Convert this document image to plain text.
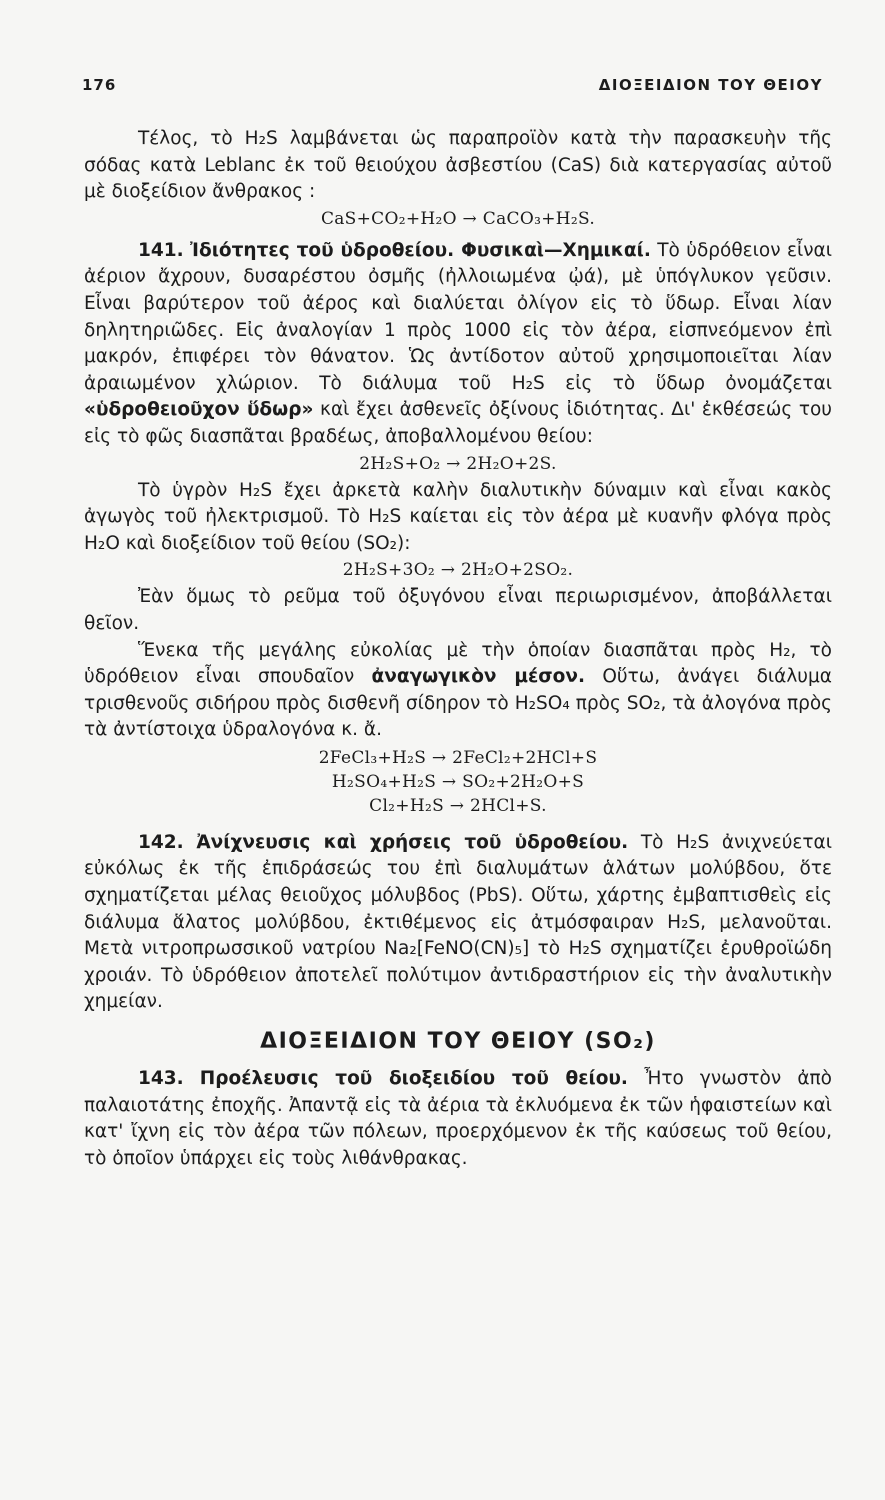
176	ΔΙΟΞΕΙΔΙΟΝ ΤΟΥ ΘΕΙΟΥ

Τέλος, τὸ H₂S λαμβάνεται ὡς παραπροϊὸν κατὰ τὴν παρασκευὴν τῆς σόδας κατὰ Leblanc ἐκ τοῦ θειούχου ἀσβεστίου (CaS) διὰ κατεργασίας αὐτοῦ μὲ διοξείδιον ἄνθρακος :

CaS+CO₂+H₂O → CaCO₃+H₂S.

141. Ἰδιότητες τοῦ ὑδροθείου. Φυσικαὶ—Χημικαί. Τὸ ὑδρόθειον εἶναι ἀέριον ἄχρουν, δυσαρέστου ὀσμῆς (ἠλλοιωμένα ᾠά), μὲ ὑπόγλυκον γεῦσιν. Εἶναι βαρύτερον τοῦ ἀέρος καὶ διαλύεται ὀλίγον εἰς τὸ ὕδωρ. Εἶναι λίαν δηλητηριῶδες. Εἰς ἀναλογίαν 1 πρὸς 1000 εἰς τὸν ἀέρα, εἰσπνεόμενον ἐπὶ μακρόν, ἐπιφέρει τὸν θάνατον. Ὡς ἀντίδοτον αὐτοῦ χρησιμοποιεῖται λίαν ἀραιωμένον χλώριον. Τὸ διάλυμα τοῦ H₂S εἰς τὸ ὕδωρ ὀνομάζεται «ὑδροθειοῦχον ὕδωρ» καὶ ἔχει ἀσθενεῖς ὀξίνους ἰδιότητας. Δι' ἐκθέσεώς του εἰς τὸ φῶς διασπᾶται βραδέως, ἀποβαλλομένου θείου:

2H₂S+O₂ → 2H₂O+2S.

Τὸ ὑγρὸν H₂S ἔχει ἀρκετὰ καλὴν διαλυτικὴν δύναμιν καὶ εἶναι κακὸς ἀγωγὸς τοῦ ἠλεκτρισμοῦ. Τὸ H₂S καίεται εἰς τὸν ἀέρα μὲ κυανῆν φλόγα πρὸς H₂O καὶ διοξείδιον τοῦ θείου (SO₂):

2H₂S+3O₂ → 2H₂O+2SO₂.

Ἐὰν ὅμως τὸ ρεῦμα τοῦ ὀξυγόνου εἶναι περιωρισμένον, ἀποβάλλεται θεῖον.

Ἕνεκα τῆς μεγάλης εὐκολίας μὲ τὴν ὁποίαν διασπᾶται πρὸς H₂, τὸ ὑδρόθειον εἶναι σπουδαῖον ἀναγωγικὸν μέσον. Οὕτω, ἀνάγει διάλυμα τρισθενοῦς σιδήρου πρὸς δισθενῆ σίδηρον τὸ H₂SO₄ πρὸς SO₂, τὰ ἀλογόνα πρὸς τὰ ἀντίστοιχα ὑδραλογόνα κ. ἄ.

2FeCl₃+H₂S → 2FeCl₂+2HCl+S

H₂SO₄+H₂S → SO₂+2H₂O+S

Cl₂+H₂S → 2HCl+S.

142. Ἀνίχνευσις καὶ χρήσεις τοῦ ὑδροθείου. Τὸ H₂S ἀνιχνεύεται εὐκόλως ἐκ τῆς ἐπιδράσεώς του ἐπὶ διαλυμάτων ἁλάτων μολύβδου, ὅτε σχηματίζεται μέλας θειοῦχος μόλυβδος (PbS). Οὕτω, χάρτης ἐμβαπτισθεὶς εἰς διάλυμα ἅλατος μολύβδου, ἐκτιθέμενος εἰς ἀτμόσφαιραν H₂S, μελανοῦται. Μετὰ νιτροπρωσσικοῦ νατρίου Na₂[FeNO(CN)₅] τὸ H₂S σχηματίζει ἐρυθροϊώδη χροιάν. Τὸ ὑδρόθειον ἀποτελεῖ πολύτιμον ἀντιδραστήριον εἰς τὴν ἀναλυτικὴν χημείαν.

ΔΙΟΞΕΙΔΙΟΝ ΤΟΥ ΘΕΙΟΥ (SO₂)

143. Προέλευσις τοῦ διοξειδίου τοῦ θείου. Ἦτο γνωστὸν ἀπὸ παλαιοτάτης ἐποχῆς. Ἀπαντᾷ εἰς τὰ ἀέρια τὰ ἐκλυόμενα ἐκ τῶν ἡφαιστείων καὶ κατ' ἴχνη εἰς τὸν ἀέρα τῶν πόλεων, προερχόμενον ἐκ τῆς καύσεως τοῦ θείου, τὸ ὁποῖον ὑπάρχει εἰς τοὺς λιθάνθρακας.
